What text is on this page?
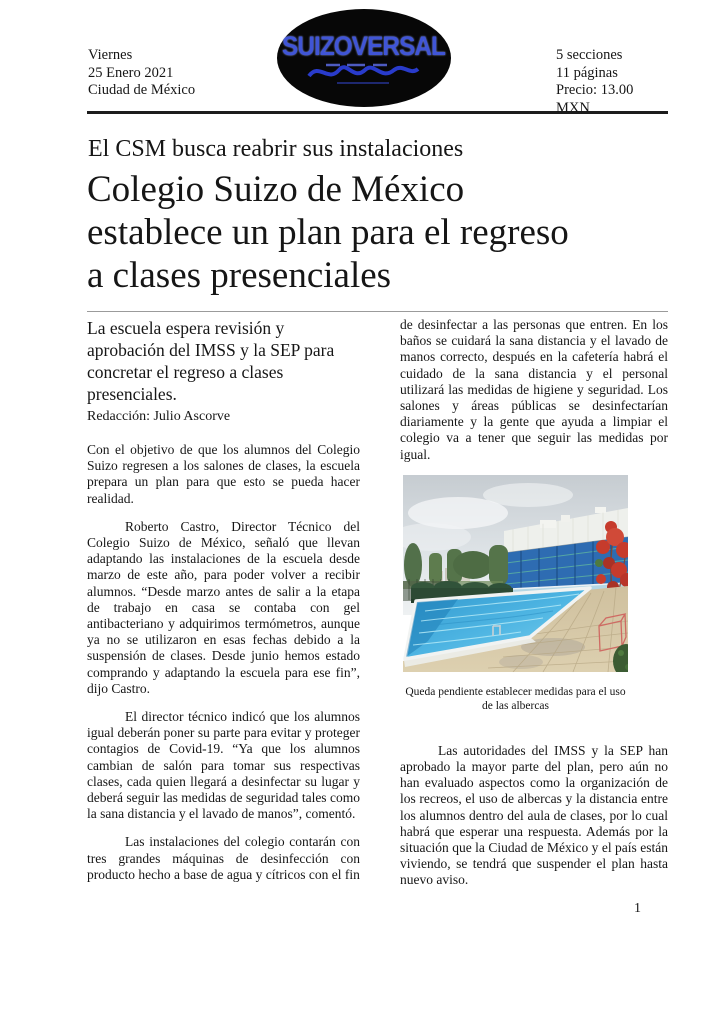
Viernes
25 Enero 2021
Ciudad de México
SUIZOVERSAL	5 secciones
11 páginas
Precio: 13.00 MXN
El CSM busca reabrir sus instalaciones
Colegio Suizo de México
establece un plan para el regreso
a clases presenciales

La escuela espera revisión y aprobación del IMSS y la SEP para concretar el regreso a clases presenciales.

Redacción: Julio Ascorve

Con el objetivo de que los alumnos del Colegio Suizo regresen a los salones de clases, la escuela prepara un plan para que esto se pueda hacer realidad.

Roberto Castro, Director Técnico del Colegio Suizo de México, señaló que llevan adaptando las instalaciones de la escuela desde marzo de este año, para poder volver a recibir alumnos. “Desde marzo antes de salir a la etapa de trabajo en casa se contaba con gel antibacteriano y adquirimos termómetros, aunque ya no se utilizaron en esas fechas debido a la suspensión de clases. Desde junio hemos estado comprando y adaptando la escuela para ese fin”, dijo Castro.

El director técnico indicó que los alumnos igual deberán poner su parte para evitar y proteger contagios de Covid-19. “Ya que los alumnos cambian de salón para tomar sus respectivas clases, cada quien llegará a desinfectar su lugar y deberá seguir las medidas de seguridad tales como la sana distancia y el lavado de manos”, comentó.

Las instalaciones del colegio contarán con tres grandes máquinas de desinfección con producto hecho a base de agua y cítricos con el fin

de desinfectar a las personas que entren. En los baños se cuidará la sana distancia y el lavado de manos correcto, después en la cafetería habrá el cuidado de la sana distancia y el personal utilizará las medidas de higiene y seguridad. Los salones y áreas públicas se desinfectarían diariamente y la gente que ayuda a limpiar el colegio va a tener que seguir las medidas por igual.

Queda pendiente establecer medidas para el uso de las albercas

Las autoridades del IMSS y la SEP han aprobado la mayor parte del plan, pero aún no han evaluado aspectos como la organización de los recreos, el uso de albercas y la distancia entre los alumnos dentro del aula de clases, por lo cual habrá que esperar una respuesta. Además por la situación que la Ciudad de México y el país están viviendo, se tendrá que suspender el plan hasta nuevo aviso.

1
